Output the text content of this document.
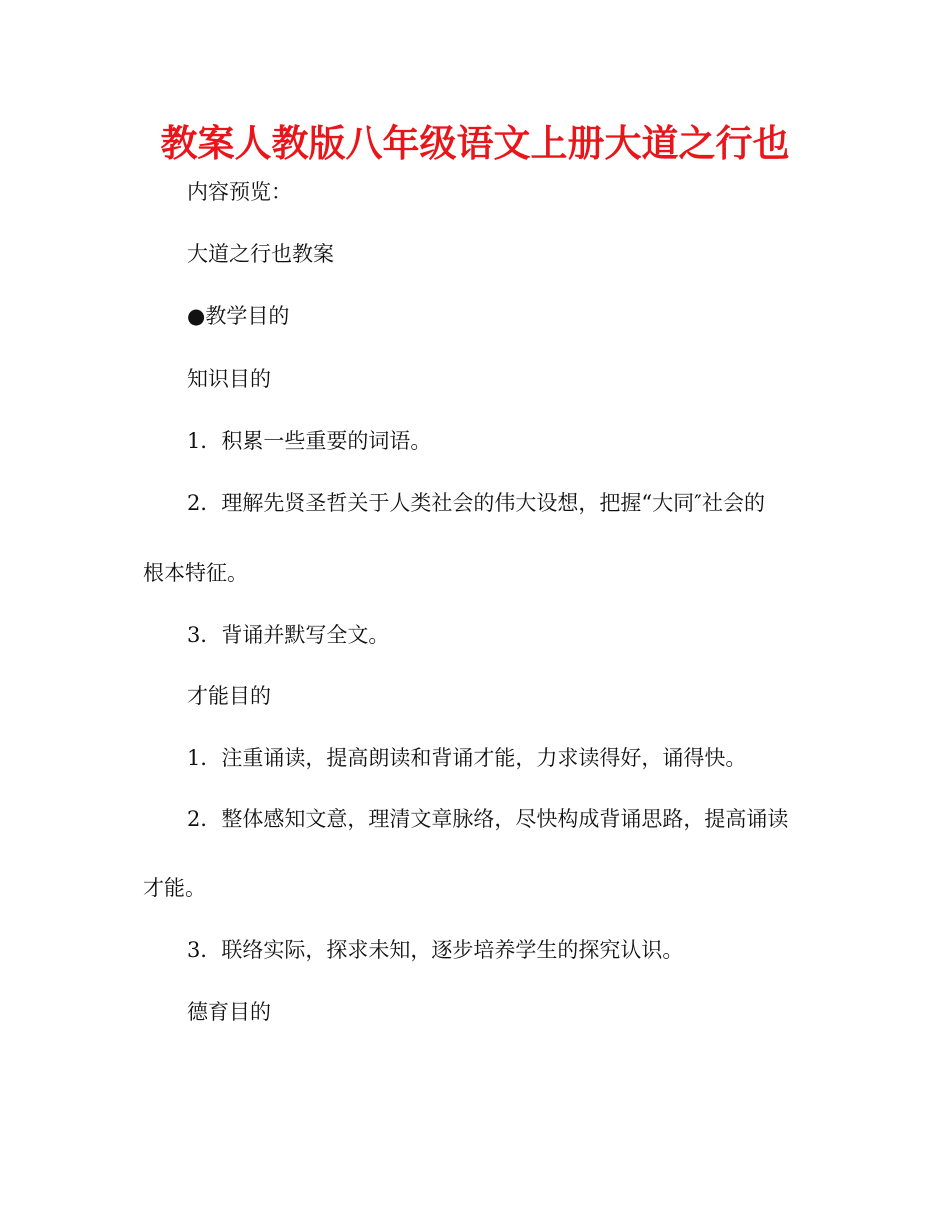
教案人教版八年级语文上册大道之行也

内容预览：

大道之行也教案

●教学目的

知识目的

1．积累一些重要的词语。

2．理解先贤圣哲关于人类社会的伟大设想，把握“大同″社会的

根本特征。

3．背诵并默写全文。

才能目的

1．注重诵读，提高朗读和背诵才能，力求读得好，诵得快。

2．整体感知文意，理清文章脉络，尽快构成背诵思路，提高诵读

才能。

3．联络实际，探求未知，逐步培养学生的探究认识。

德育目的
